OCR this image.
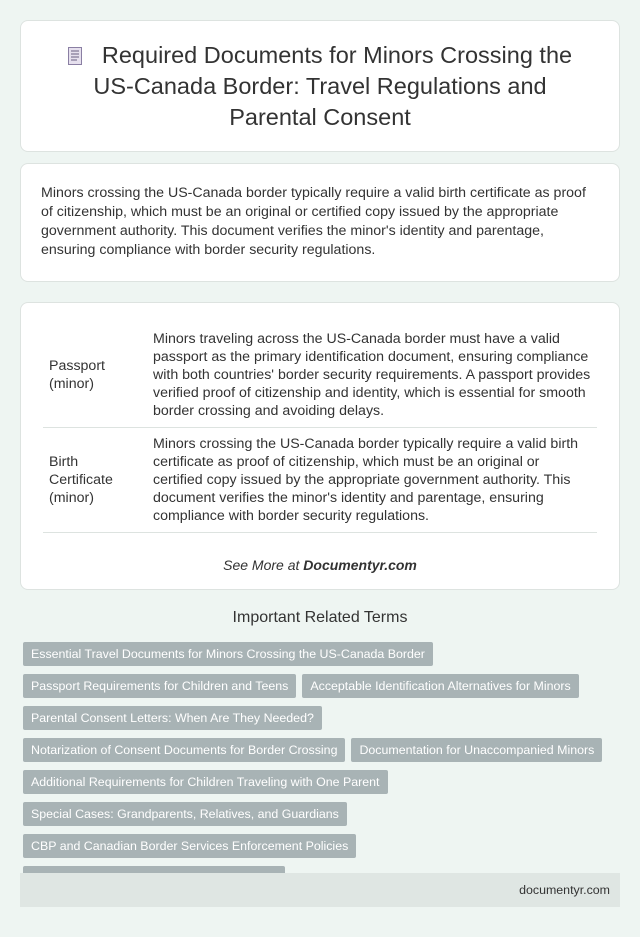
Required Documents for Minors Crossing the US-Canada Border: Travel Regulations and Parental Consent

Minors crossing the US-Canada border typically require a valid birth certificate as proof of citizenship, which must be an original or certified copy issued by the appropriate government authority. This document verifies the minor's identity and parentage, ensuring compliance with border security regulations.

Passport (minor)	Minors traveling across the US-Canada border must have a valid passport as the primary identification document, ensuring compliance with both countries' border security requirements. A passport provides verified proof of citizenship and identity, which is essential for smooth border crossing and avoiding delays.
Birth Certificate (minor)	Minors crossing the US-Canada border typically require a valid birth certificate as proof of citizenship, which must be an original or certified copy issued by the appropriate government authority. This document verifies the minor's identity and parentage, ensuring compliance with border security regulations.
See More at Documentyr.com
Important Related Terms
Essential Travel Documents for Minors Crossing the US-Canada Border
Passport Requirements for Children and Teens Acceptable Identification Alternatives for Minors
Parental Consent Letters: When Are They Needed?
Notarization of Consent Documents for Border Crossing Documentation for Unaccompanied Minors
Additional Requirements for Children Traveling with One Parent
Special Cases: Grandparents, Relatives, and Guardians
CBP and Canadian Border Services Enforcement Policies
documentyr.com
